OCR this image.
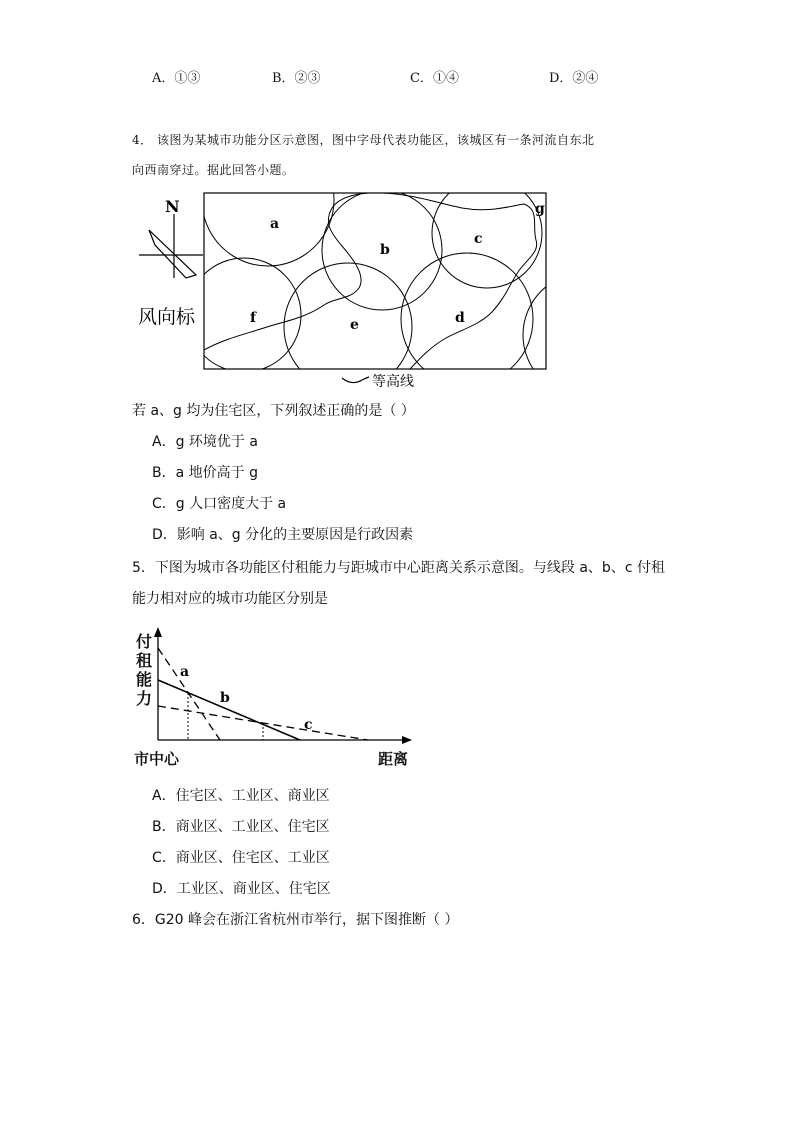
A．①③	B．②③	C．①④	D．②④
4． 该图为某城市功能分区示意图，图中字母代表功能区，该城区有一条河流自东北
向西南穿过。据此回答小题。
N
风向标
a
b
c
d
e
f
g
等高线
若 a、g 均为住宅区，下列叙述正确的是（ ）
A．g 环境优于 a
B．a 地价高于 g
C．g 人口密度大于 a
D．影响 a、g 分化的主要原因是行政因素
5．下图为城市各功能区付租能力与距城市中心距离关系示意图。与线段 a、b、c 付租
能力相对应的城市功能区分别是
a
b
c
付租能力
市中心	距离
A．住宅区、工业区、商业区
B．商业区、工业区、住宅区
C．商业区、住宅区、工业区
D．工业区、商业区、住宅区
6．G20 峰会在浙江省杭州市举行，据下图推断（ ）
